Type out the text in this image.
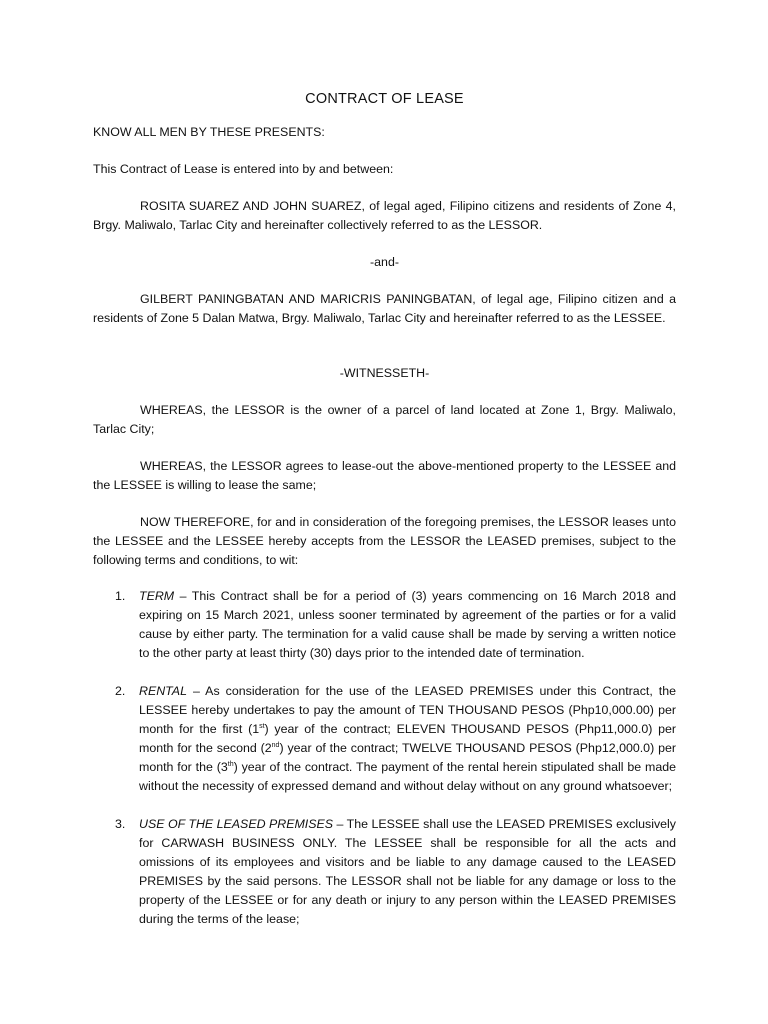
CONTRACT OF LEASE

KNOW ALL MEN BY THESE PRESENTS:

This Contract of Lease is entered into by and between:

ROSITA SUAREZ AND JOHN SUAREZ, of legal aged, Filipino citizens and residents of Zone 4, Brgy. Maliwalo, Tarlac City and hereinafter collectively referred to as the LESSOR.

-and-

GILBERT PANINGBATAN AND MARICRIS PANINGBATAN, of legal age, Filipino citizen and a residents of Zone 5 Dalan Matwa, Brgy. Maliwalo, Tarlac City and hereinafter referred to as the LESSEE.

-WITNESSETH-

WHEREAS, the LESSOR is the owner of a parcel of land located at Zone 1, Brgy. Maliwalo, Tarlac City;

WHEREAS, the LESSOR agrees to lease-out the above-mentioned property to the LESSEE and the LESSEE is willing to lease the same;

NOW THEREFORE, for and in consideration of the foregoing premises, the LESSOR leases unto the LESSEE and the LESSEE hereby accepts from the LESSOR the LEASED premises, subject to the following terms and conditions, to wit:

1. TERM – This Contract shall be for a period of (3) years commencing on 16 March 2018 and expiring on 15 March 2021, unless sooner terminated by agreement of the parties or for a valid cause by either party. The termination for a valid cause shall be made by serving a written notice to the other party at least thirty (30) days prior to the intended date of termination.
2. RENTAL – As consideration for the use of the LEASED PREMISES under this Contract, the LESSEE hereby undertakes to pay the amount of TEN THOUSAND PESOS (Php10,000.00) per month for the first (1st) year of the contract; ELEVEN THOUSAND PESOS (Php11,000.0) per month for the second (2nd) year of the contract; TWELVE THOUSAND PESOS (Php12,000.0) per month for the (3th) year of the contract. The payment of the rental herein stipulated shall be made without the necessity of expressed demand and without delay without on any ground whatsoever;
3. USE OF THE LEASED PREMISES – The LESSEE shall use the LEASED PREMISES exclusively for CARWASH BUSINESS ONLY. The LESSEE shall be responsible for all the acts and omissions of its employees and visitors and be liable to any damage caused to the LEASED PREMISES by the said persons. The LESSOR shall not be liable for any damage or loss to the property of the LESSEE or for any death or injury to any person within the LEASED PREMISES during the terms of the lease;
